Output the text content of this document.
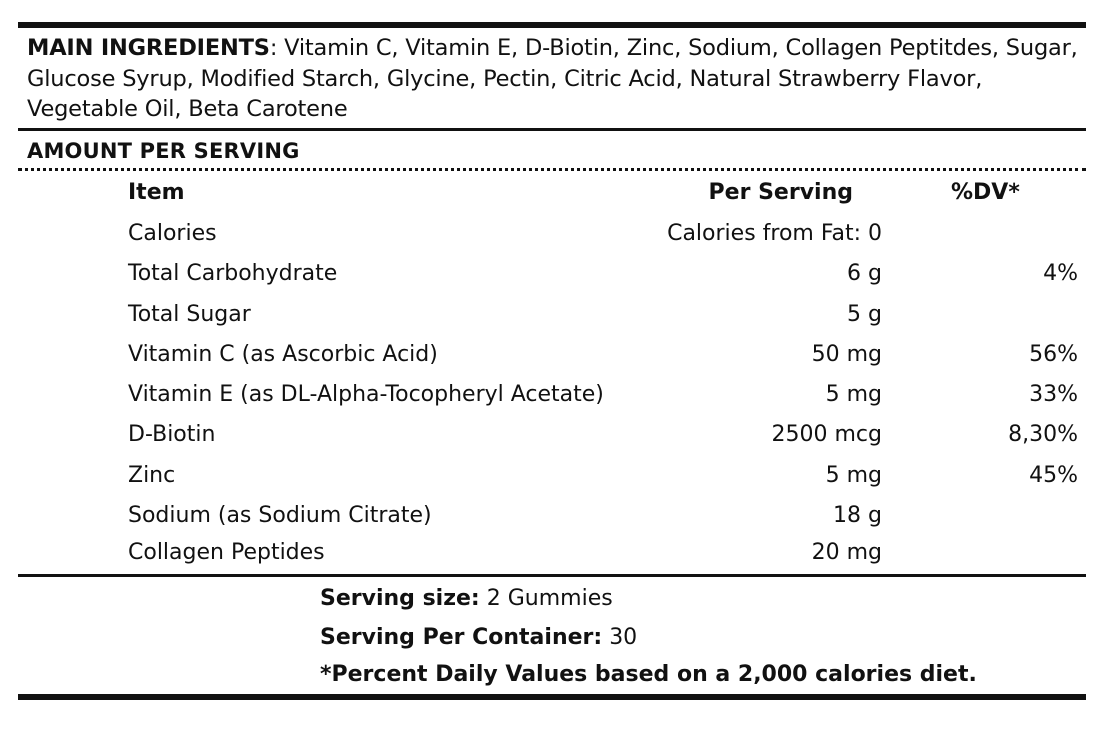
MAIN INGREDIENTS: Vitamin C, Vitamin E, D-Biotin, Zinc, Sodium, Collagen Peptitdes, Sugar, Glucose Syrup, Modified Starch, Glycine, Pectin, Citric Acid, Natural Strawberry Flavor, Vegetable Oil, Beta Carotene
AMOUNT PER SERVING
Item	Per Serving	%DV*
Calories	Calories from Fat: 0
Total Carbohydrate	6 g	4%
Total Sugar	5 g
Vitamin C (as Ascorbic Acid)	50 mg	56%
Vitamin E (as DL-Alpha-Tocopheryl Acetate)	5 mg	33%
D-Biotin	2500 mcg	8,30%
Zinc	5 mg	45%
Sodium (as Sodium Citrate)	18 g
Collagen Peptides	20 mg
Serving size: 2 Gummies
Serving Per Container: 30
*Percent Daily Values based on a 2,000 calories diet.
